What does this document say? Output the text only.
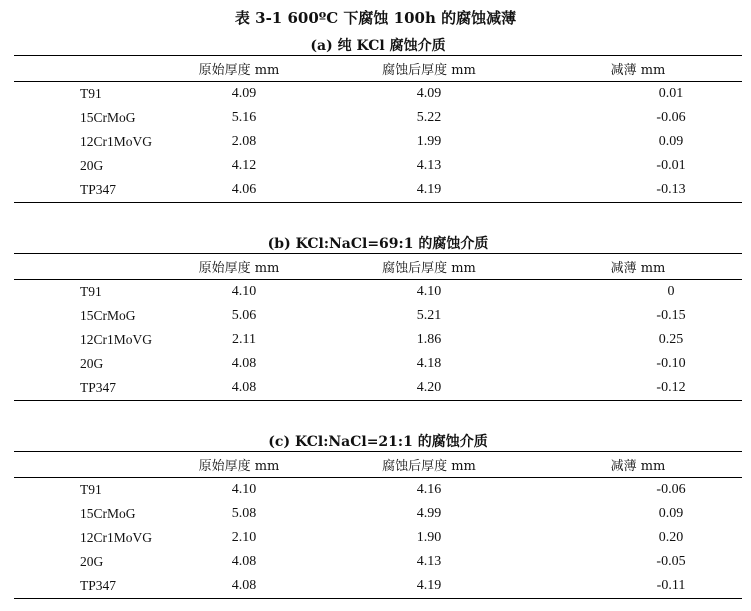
表 3-1 600ºC 下腐蚀 100h 的腐蚀减薄
(a) 纯 KCl 腐蚀介质
	原始厚度 mm	腐蚀后厚度 mm	减薄 mm
T91	4.09	4.09	0.01
15CrMoG	5.16	5.22	-0.06
12Cr1MoVG	2.08	1.99	0.09
20G	4.12	4.13	-0.01
TP347	4.06	4.19	-0.13
(b) KCl:NaCl=69:1 的腐蚀介质
	原始厚度 mm	腐蚀后厚度 mm	减薄 mm
T91	4.10	4.10	0
15CrMoG	5.06	5.21	-0.15
12Cr1MoVG	2.11	1.86	0.25
20G	4.08	4.18	-0.10
TP347	4.08	4.20	-0.12
(c) KCl:NaCl=21:1 的腐蚀介质
	原始厚度 mm	腐蚀后厚度 mm	减薄 mm
T91	4.10	4.16	-0.06
15CrMoG	5.08	4.99	0.09
12Cr1MoVG	2.10	1.90	0.20
20G	4.08	4.13	-0.05
TP347	4.08	4.19	-0.11
